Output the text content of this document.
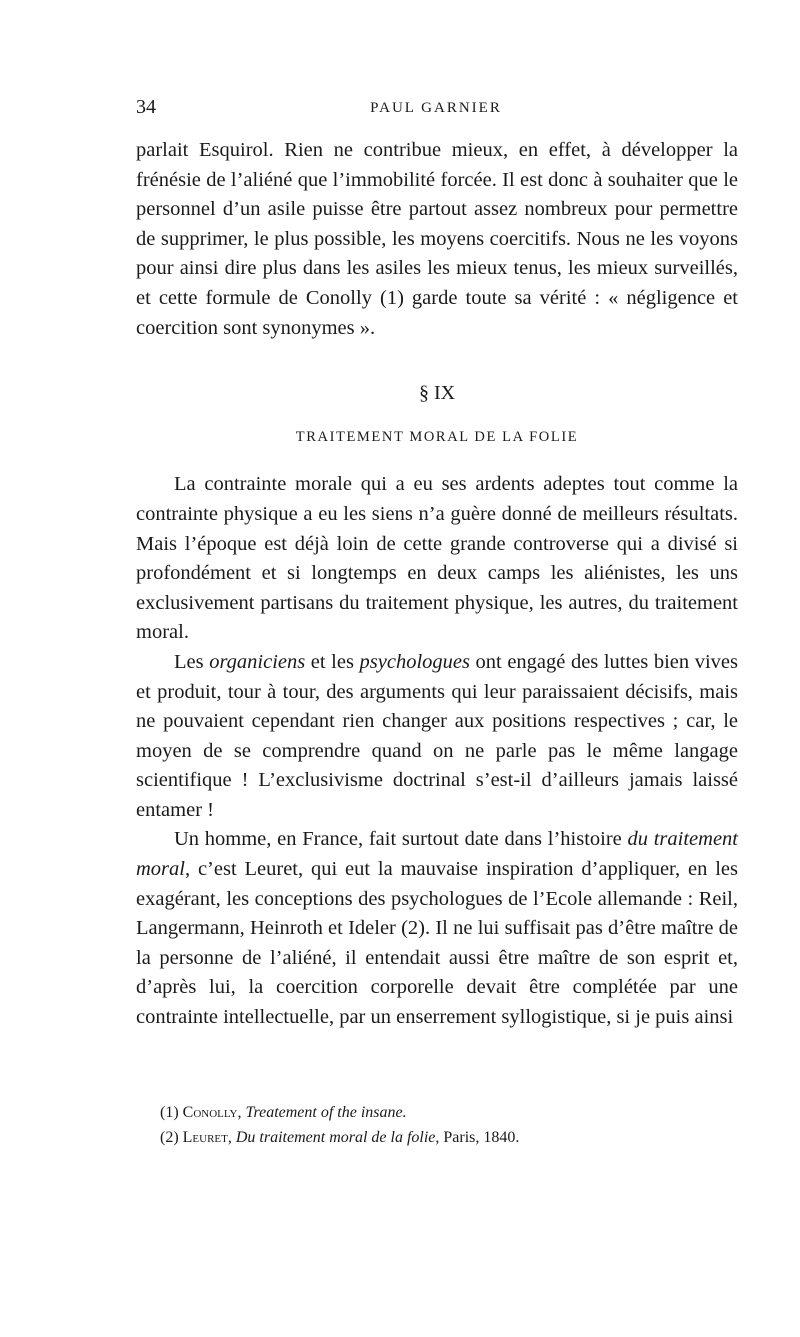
34	PAUL GARNIER

parlait Esquirol. Rien ne contribue mieux, en effet, à développer la frénésie de l’aliéné que l’immobilité forcée. Il est donc à souhaiter que le personnel d’un asile puisse être partout assez nombreux pour permettre de supprimer, le plus possible, les moyens coercitifs. Nous ne les voyons pour ainsi dire plus dans les asiles les mieux tenus, les mieux surveillés, et cette formule de Conolly (1) garde toute sa vérité : « négligence et coercition sont synonymes ».

§ IX

TRAITEMENT MORAL DE LA FOLIE

La contrainte morale qui a eu ses ardents adeptes tout comme la contrainte physique a eu les siens n’a guère donné de meilleurs résultats. Mais l’époque est déjà loin de cette grande controverse qui a divisé si profondément et si longtemps en deux camps les aliénistes, les uns exclusivement partisans du traitement physique, les autres, du traitement moral.

Les organiciens et les psychologues ont engagé des luttes bien vives et produit, tour à tour, des arguments qui leur paraissaient décisifs, mais ne pouvaient cependant rien changer aux positions respectives ; car, le moyen de se comprendre quand on ne parle pas le même langage scientifique ! L’exclusivisme doctrinal s’est-il d’ailleurs jamais laissé entamer !

Un homme, en France, fait surtout date dans l’histoire du traitement moral, c’est Leuret, qui eut la mauvaise inspiration d’appliquer, en les exagérant, les conceptions des psychologues de l’Ecole allemande : Reil, Langermann, Heinroth et Ideler (2). Il ne lui suffisait pas d’être maître de la personne de l’aliéné, il entendait aussi être maître de son esprit et, d’après lui, la coercition corporelle devait être complétée par une contrainte intellectuelle, par un enserrement syllogistique, si je puis ainsi

(1) Conolly, Treatement of the insane.
(2) Leuret, Du traitement moral de la folie, Paris, 1840.
